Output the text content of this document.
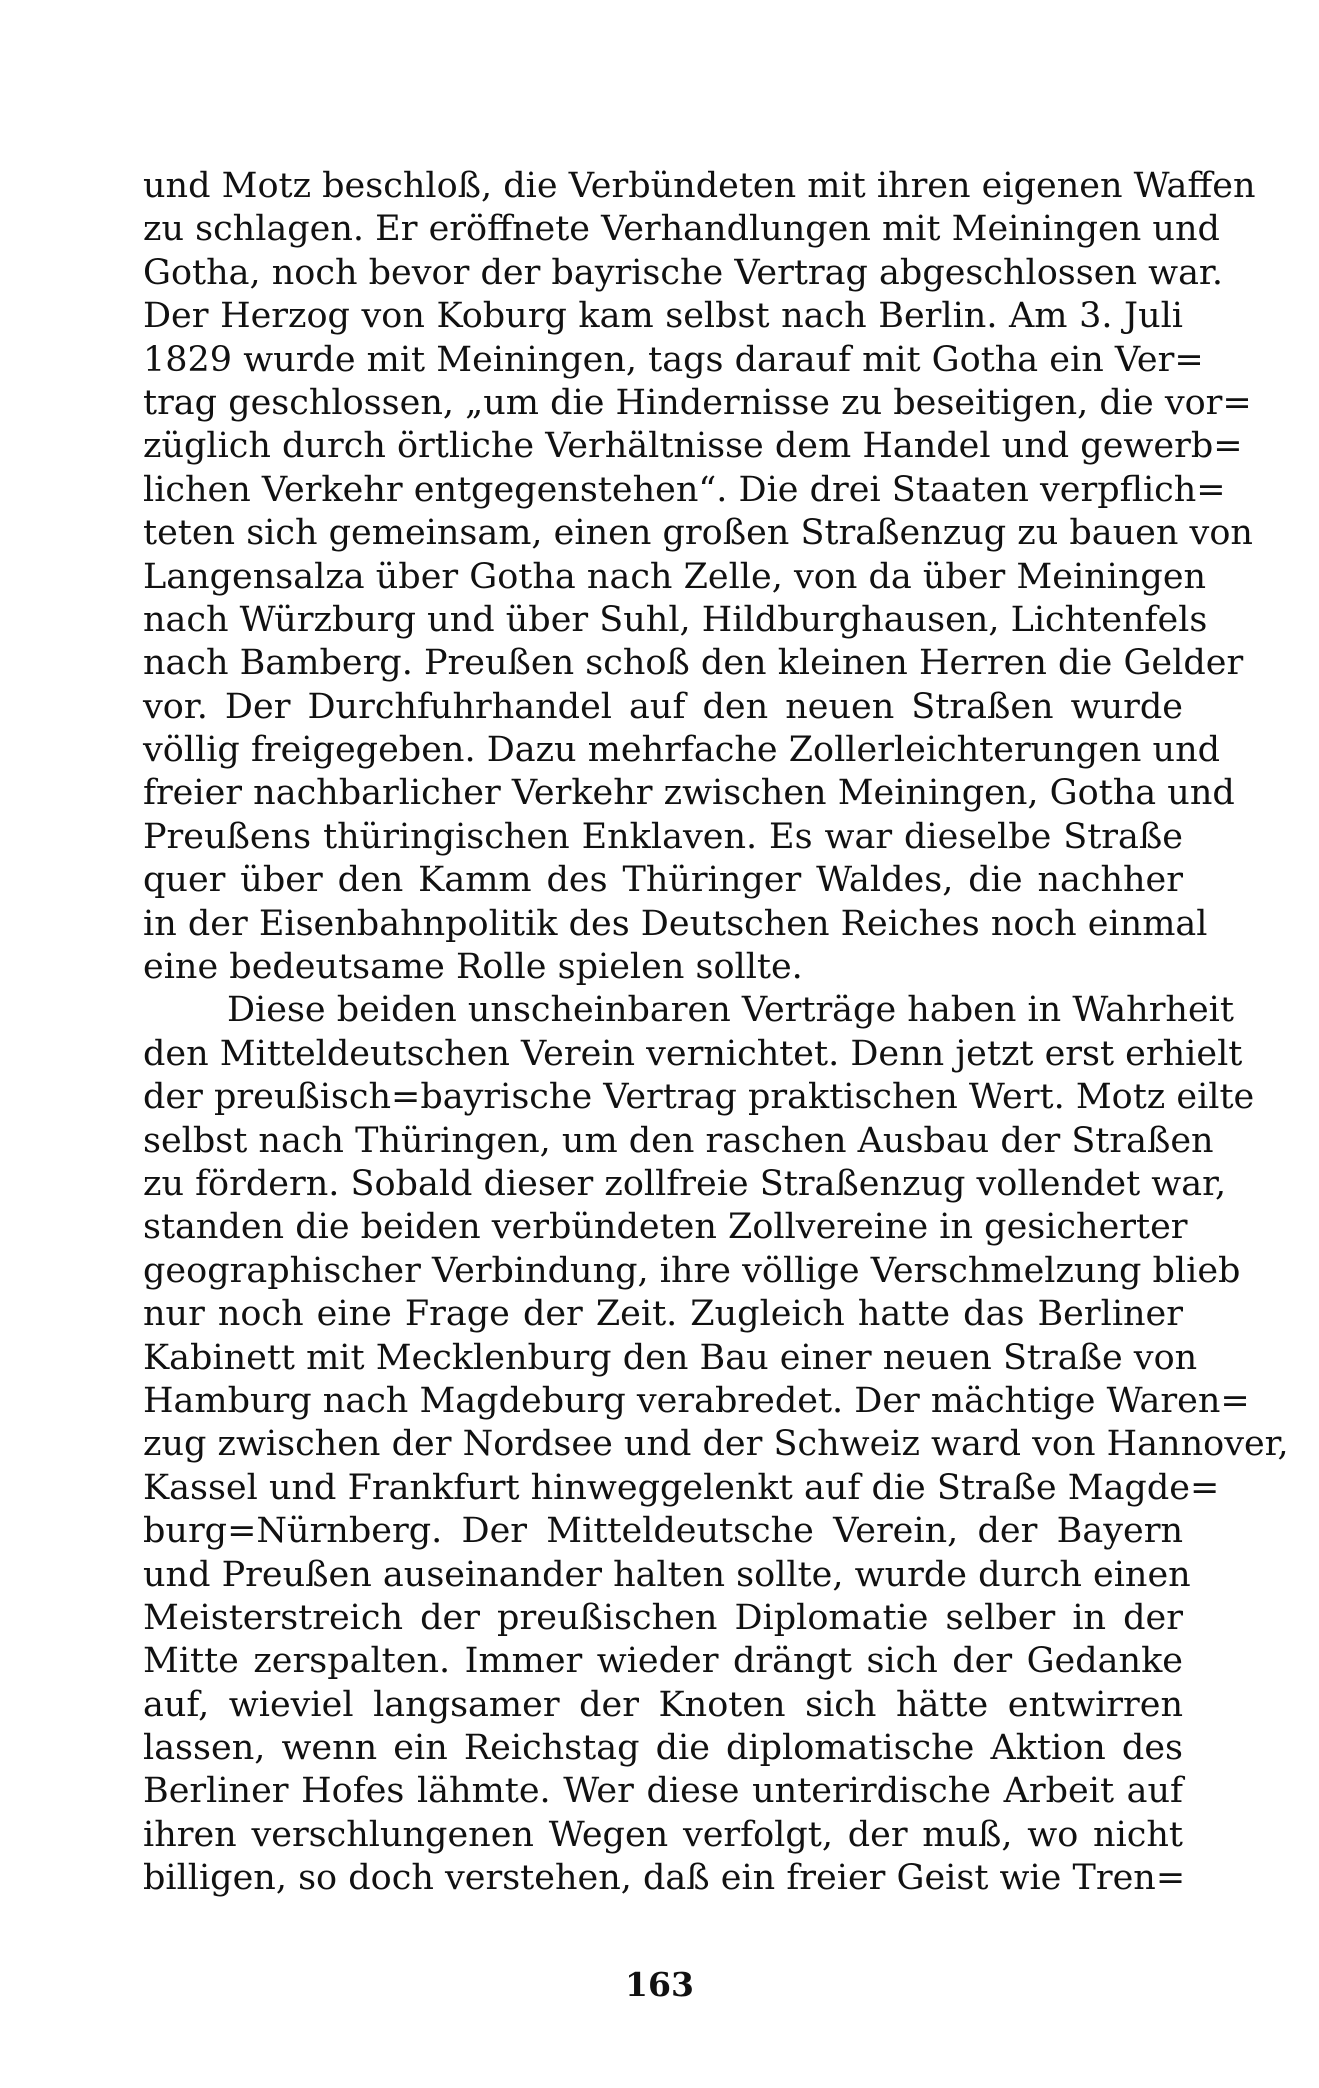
und Motz beschloß, die Verbündeten mit ihren eigenen Waffen
zu schlagen. Er eröffnete Verhandlungen mit Meiningen und
Gotha, noch bevor der bayrische Vertrag abgeschlossen war.
Der Herzog von Koburg kam selbst nach Berlin. Am 3. Juli
1829 wurde mit Meiningen, tags darauf mit Gotha ein Ver=
trag geschlossen, „um die Hindernisse zu beseitigen, die vor=
züglich durch örtliche Verhältnisse dem Handel und gewerb=
lichen Verkehr entgegenstehen“. Die drei Staaten verpflich=
teten sich gemeinsam, einen großen Straßenzug zu bauen von
Langensalza über Gotha nach Zelle, von da über Meiningen
nach Würzburg und über Suhl, Hildburghausen, Lichtenfels
nach Bamberg. Preußen schoß den kleinen Herren die Gelder
vor. Der Durchfuhrhandel auf den neuen Straßen wurde
völlig freigegeben. Dazu mehrfache Zollerleichterungen und
freier nachbarlicher Verkehr zwischen Meiningen, Gotha und
Preußens thüringischen Enklaven. Es war dieselbe Straße
quer über den Kamm des Thüringer Waldes, die nachher
in der Eisenbahnpolitik des Deutschen Reiches noch einmal
eine bedeutsame Rolle spielen sollte.
Diese beiden unscheinbaren Verträge haben in Wahrheit
den Mitteldeutschen Verein vernichtet. Denn jetzt erst erhielt
der preußisch=bayrische Vertrag praktischen Wert. Motz eilte
selbst nach Thüringen, um den raschen Ausbau der Straßen
zu fördern. Sobald dieser zollfreie Straßenzug vollendet war,
standen die beiden verbündeten Zollvereine in gesicherter
geographischer Verbindung, ihre völlige Verschmelzung blieb
nur noch eine Frage der Zeit. Zugleich hatte das Berliner
Kabinett mit Mecklenburg den Bau einer neuen Straße von
Hamburg nach Magdeburg verabredet. Der mächtige Waren=
zug zwischen der Nordsee und der Schweiz ward von Hannover,
Kassel und Frankfurt hinweggelenkt auf die Straße Magde=
burg=Nürnberg. Der Mitteldeutsche Verein, der Bayern
und Preußen auseinander halten sollte, wurde durch einen
Meisterstreich der preußischen Diplomatie selber in der
Mitte zerspalten. Immer wieder drängt sich der Gedanke
auf, wieviel langsamer der Knoten sich hätte entwirren
lassen, wenn ein Reichstag die diplomatische Aktion des
Berliner Hofes lähmte. Wer diese unterirdische Arbeit auf
ihren verschlungenen Wegen verfolgt, der muß, wo nicht
billigen, so doch verstehen, daß ein freier Geist wie Tren=
163
